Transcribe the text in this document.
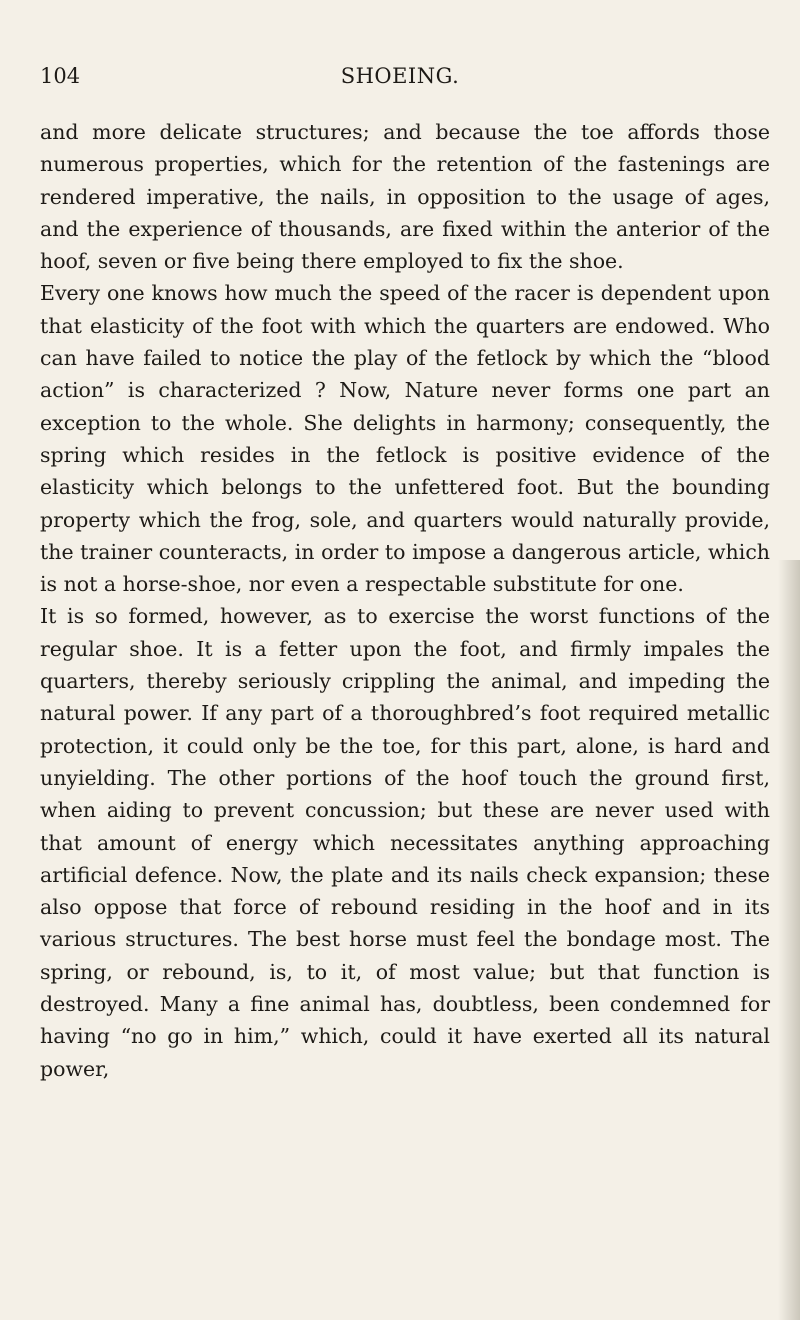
104	SHOEING.

and more delicate structures; and because the toe affords those numerous properties, which for the retention of the fastenings are rendered imperative, the nails, in opposition to the usage of ages, and the experience of thousands, are fixed within the anterior of the hoof, seven or five being there employed to fix the shoe.

Every one knows how much the speed of the racer is dependent upon that elasticity of the foot with which the quarters are endowed. Who can have failed to notice the play of the fetlock by which the “blood action” is characterized ? Now, Nature never forms one part an exception to the whole. She delights in harmony; consequently, the spring which resides in the fetlock is positive evidence of the elasticity which belongs to the unfettered foot. But the bounding property which the frog, sole, and quarters would naturally provide, the trainer counteracts, in order to impose a dangerous article, which is not a horse-shoe, nor even a respectable substitute for one.

It is so formed, however, as to exercise the worst functions of the regular shoe. It is a fetter upon the foot, and firmly impales the quarters, thereby seriously crippling the animal, and impeding the natural power. If any part of a thoroughbred’s foot required metallic protection, it could only be the toe, for this part, alone, is hard and unyielding. The other portions of the hoof touch the ground first, when aiding to prevent concussion; but these are never used with that amount of energy which necessitates anything approaching artificial defence. Now, the plate and its nails check expansion; these also oppose that force of rebound residing in the hoof and in its various structures. The best horse must feel the bondage most. The spring, or rebound, is, to it, of most value; but that function is destroyed. Many a fine animal has, doubtless, been condemned for having “no go in him,” which, could it have exerted all its natural power,
